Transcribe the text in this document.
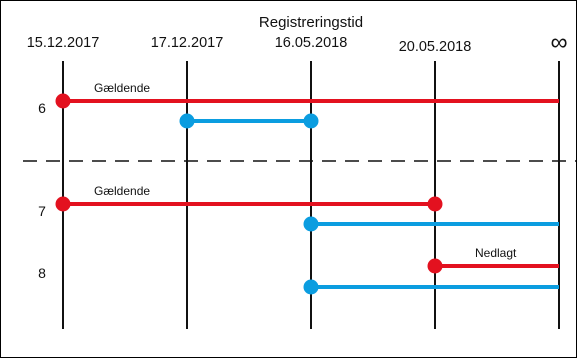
Registreringstid
15.12.2017	17.12.2017	16.05.2018	20.05.2018	∞
Gældende
Gældende
Nedlagt
6
7
8
